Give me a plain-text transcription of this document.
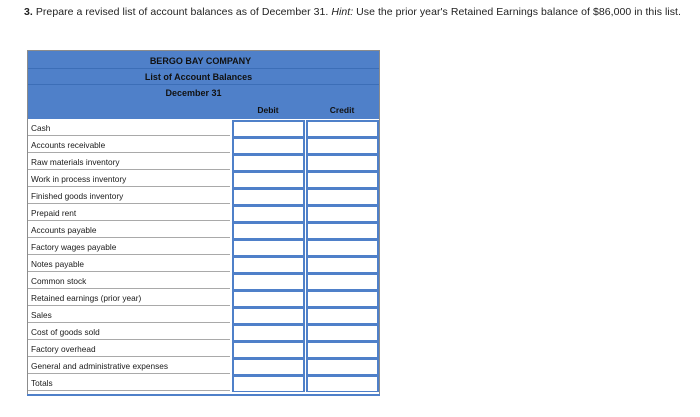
3. Prepare a revised list of account balances as of December 31. Hint: Use the prior year's Retained Earnings balance of $86,000 in this list.
BERGO BAY COMPANY
List of Account Balances
December 31
Debit	Credit
Cash
Accounts receivable
Raw materials inventory
Work in process inventory
Finished goods inventory
Prepaid rent
Accounts payable
Factory wages payable
Notes payable
Common stock
Retained earnings (prior year)
Sales
Cost of goods sold
Factory overhead
General and administrative expenses
Totals
